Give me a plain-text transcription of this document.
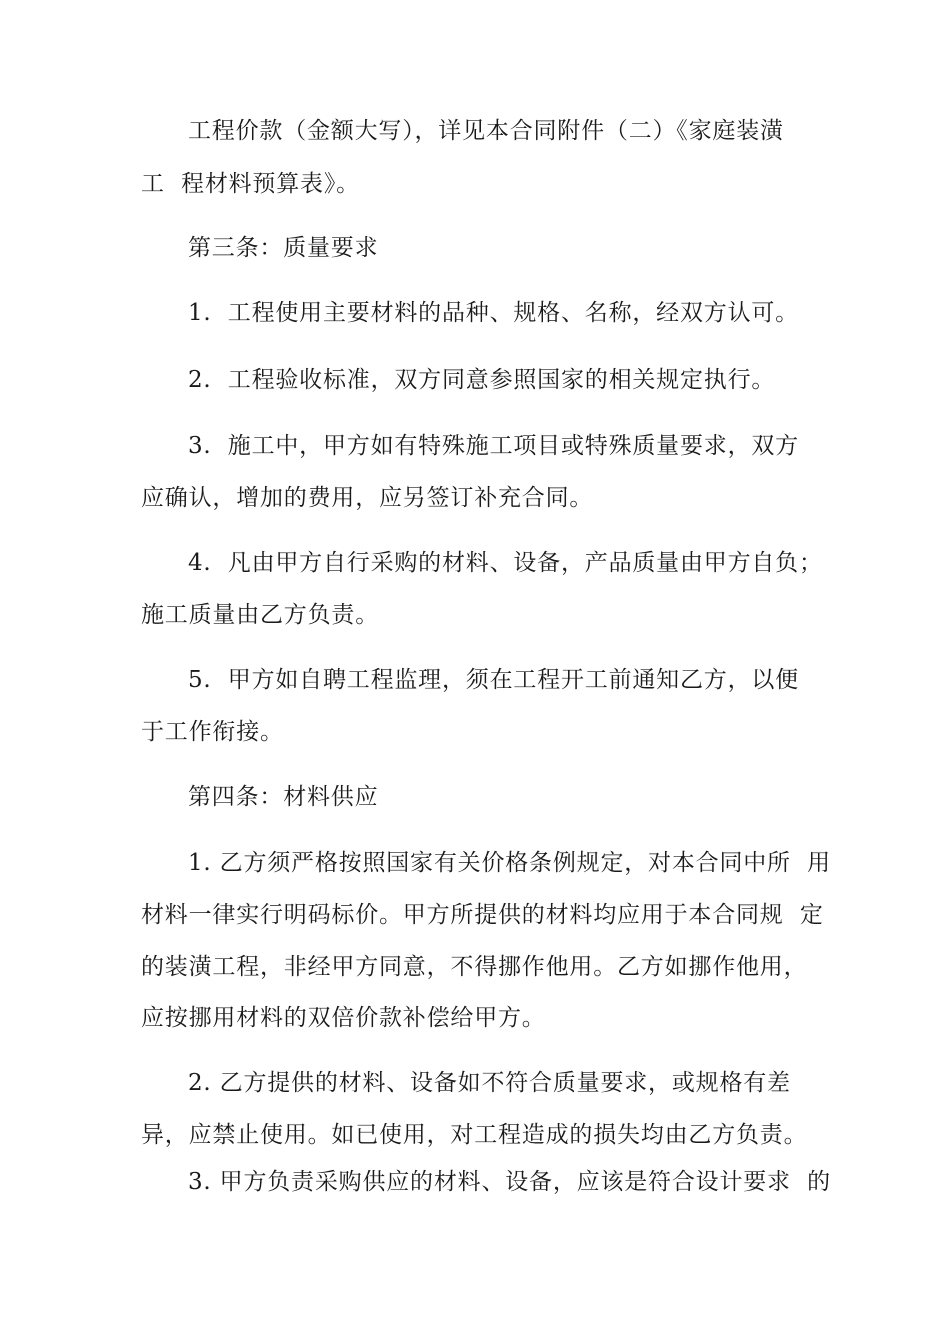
工程价款（金额大写），详见本合同附件（二）《家庭装潢
工  程材料预算表》。
第三条：质量要求
1.  工程使用主要材料的品种、规格、名称，经双方认可。
2.  工程验收标准，双方同意参照国家的相关规定执行。
3.  施工中，甲方如有特殊施工项目或特殊质量要求，双方
应确认，增加的费用，应另签订补充合同。
4.  凡由甲方自行采购的材料、设备，产品质量由甲方自负；
施工质量由乙方负责。
5.  甲方如自聘工程监理，须在工程开工前通知乙方，以便
于工作衔接。
第四条：材料供应
1. 乙方须严格按照国家有关价格条例规定，对本合同中所  用
材料一律实行明码标价。甲方所提供的材料均应用于本合同规  定
的装潢工程，非经甲方同意，不得挪作他用。乙方如挪作他用，
应按挪用材料的双倍价款补偿给甲方。
2. 乙方提供的材料、设备如不符合质量要求，或规格有差
异，应禁止使用。如已使用，对工程造成的损失均由乙方负责。
3. 甲方负责采购供应的材料、设备，应该是符合设计要求  的
